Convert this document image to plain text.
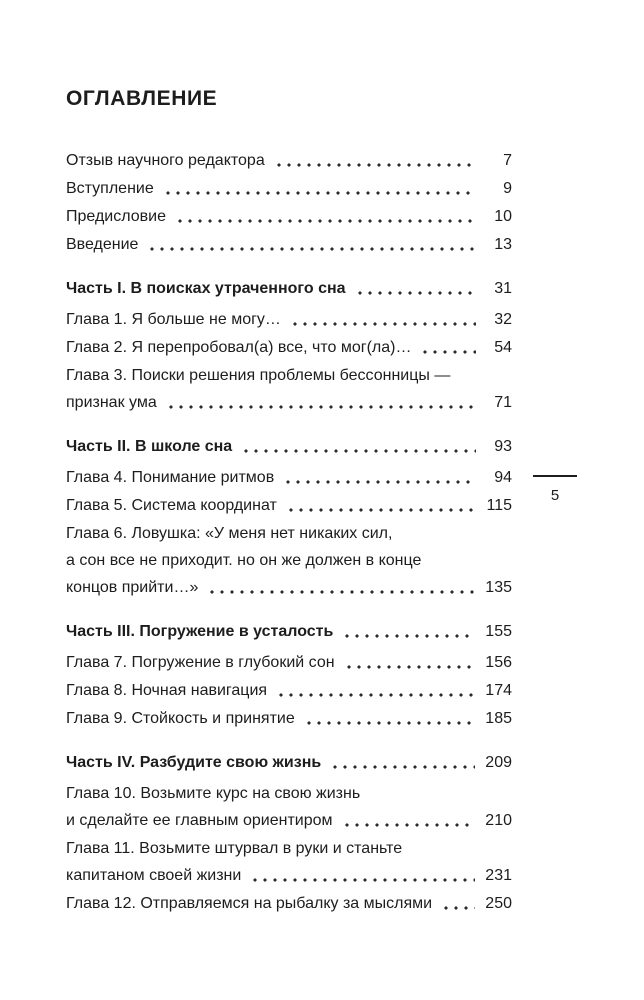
ОГЛАВЛЕНИЕ
Отзыв научного редактора	7
Вступление	9
Предисловие	10
Введение	13
Часть I. В поисках утраченного сна	31
Глава 1. Я больше не могу…	32
Глава 2. Я перепробовал(а) все, что мог(ла)…	54
Глава 3. Поиски решения проблемы бессонницы —
признак ума	71
Часть II. В школе сна	93
Глава 4. Понимание ритмов	94
Глава 5. Система координат	115
Глава 6. Ловушка: «У меня нет никаких сил,
а сон все не приходит. но он же должен в конце
концов прийти…»	135
Часть III. Погружение в усталость	155
Глава 7. Погружение в глубокий сон	156
Глава 8. Ночная навигация	174
Глава 9. Стойкость и принятие	185
Часть IV. Разбудите свою жизнь	209
Глава 10. Возьмите курс на свою жизнь
и сделайте ее главным ориентиром	210
Глава 11. Возьмите штурвал в руки и станьте
капитаном своей жизни	231
Глава 12. Отправляемся на рыбалку за мыслями	250
5
